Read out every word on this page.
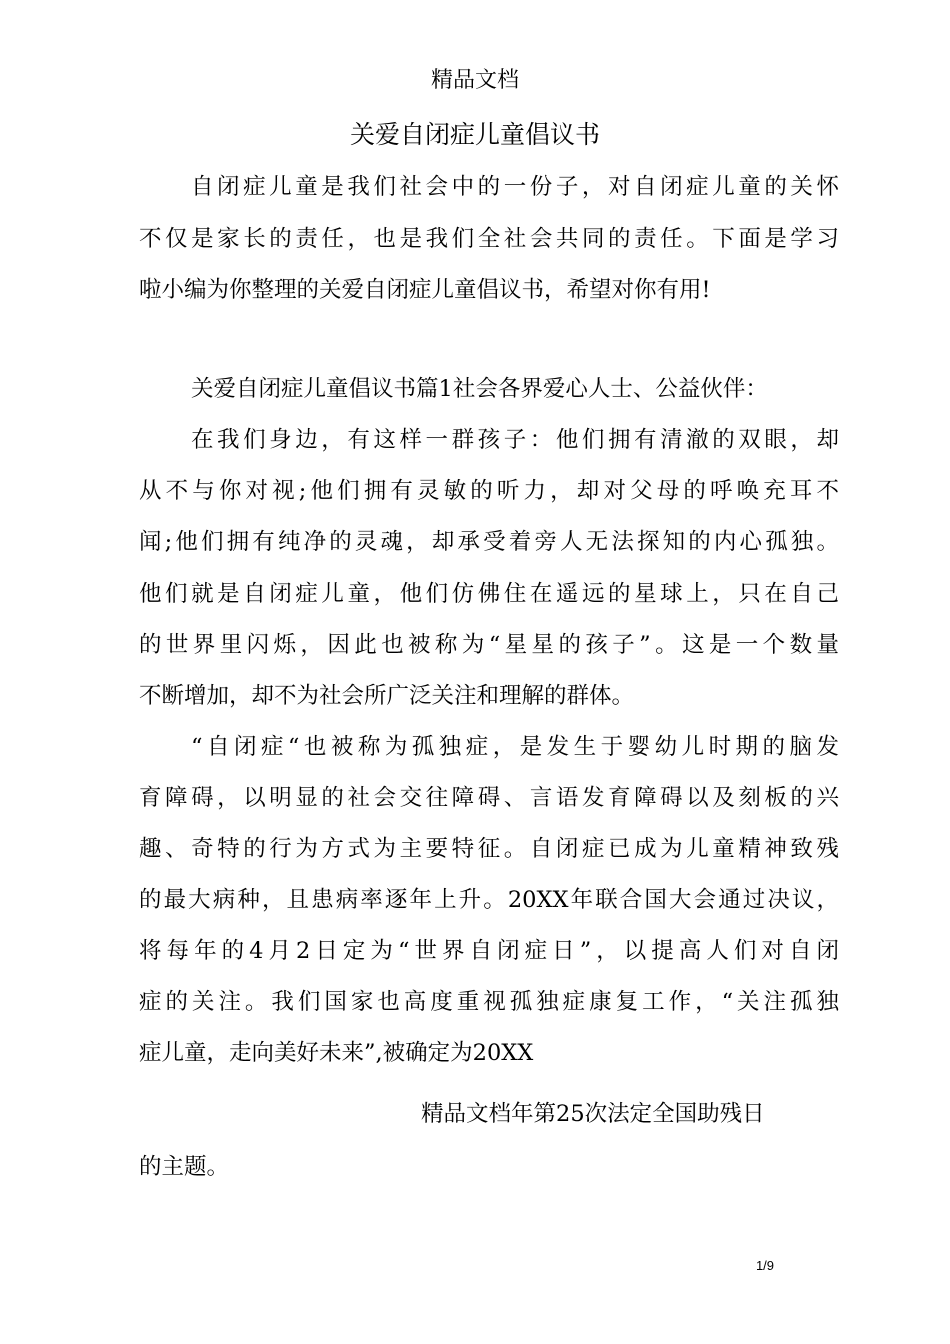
精品文档
关爱自闭症儿童倡议书
自闭症儿童是我们社会中的一份子，对自闭症儿童的关怀
不仅是家长的责任，也是我们全社会共同的责任。下面是学习
啦小编为你整理的关爱自闭症儿童倡议书，希望对你有用!
关爱自闭症儿童倡议书篇1社会各界爱心人士、公益伙伴：
在我们身边，有这样一群孩子：他们拥有清澈的双眼，却
从不与你对视;他们拥有灵敏的听力，却对父母的呼唤充耳不
闻;他们拥有纯净的灵魂，却承受着旁人无法探知的内心孤独。
他们就是自闭症儿童，他们仿佛住在遥远的星球上，只在自己
的世界里闪烁，因此也被称为“星星的孩子”。这是一个数量
不断增加，却不为社会所广泛关注和理解的群体。
“自闭症“也被称为孤独症，是发生于婴幼儿时期的脑发
育障碍，以明显的社会交往障碍、言语发育障碍以及刻板的兴
趣、奇特的行为方式为主要特征。自闭症已成为儿童精神致残
的最大病种，且患病率逐年上升。20XX年联合国大会通过决议，
将每年的4月2日定为“世界自闭症日”，以提高人们对自闭
症的关注。我们国家也高度重视孤独症康复工作，“关注孤独
症儿童，走向美好未来”,被确定为20XX
精品文档年第25次法定全国助残日
的主题。
1/9
